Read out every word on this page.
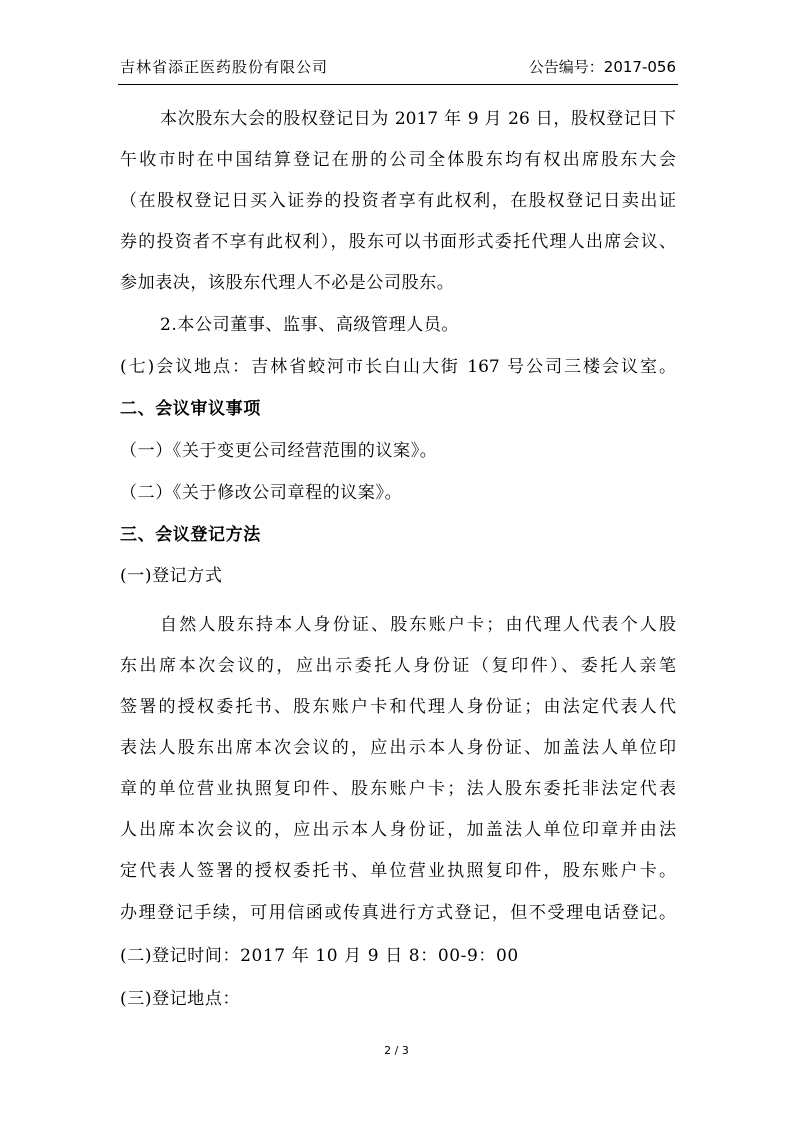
吉林省添正医药股份有限公司	公告编号：2017-056
本次股东大会的股权登记日为 2017 年 9 月 26 日，股权登记日下
午收市时在中国结算登记在册的公司全体股东均有权出席股东大会
（在股权登记日买入证券的投资者享有此权利，在股权登记日卖出证
券的投资者不享有此权利），股东可以书面形式委托代理人出席会议、
参加表决，该股东代理人不必是公司股东。
2.本公司董事、监事、高级管理人员。
(七)会议地点：吉林省蛟河市长白山大街 167 号公司三楼会议室。
二、会议审议事项
（一）《关于变更公司经营范围的议案》。
（二）《关于修改公司章程的议案》。
三、会议登记方法
(一)登记方式
自然人股东持本人身份证、股东账户卡；由代理人代表个人股
东出席本次会议的，应出示委托人身份证（复印件）、委托人亲笔
签署的授权委托书、股东账户卡和代理人身份证；由法定代表人代
表法人股东出席本次会议的，应出示本人身份证、加盖法人单位印
章的单位营业执照复印件、股东账户卡；法人股东委托非法定代表
人出席本次会议的，应出示本人身份证，加盖法人单位印章并由法
定代表人签署的授权委托书、单位营业执照复印件，股东账户卡。
办理登记手续，可用信函或传真进行方式登记，但不受理电话登记。
(二)登记时间：2017 年 10 月 9 日 8：00-9：00
(三)登记地点：
2 / 3
